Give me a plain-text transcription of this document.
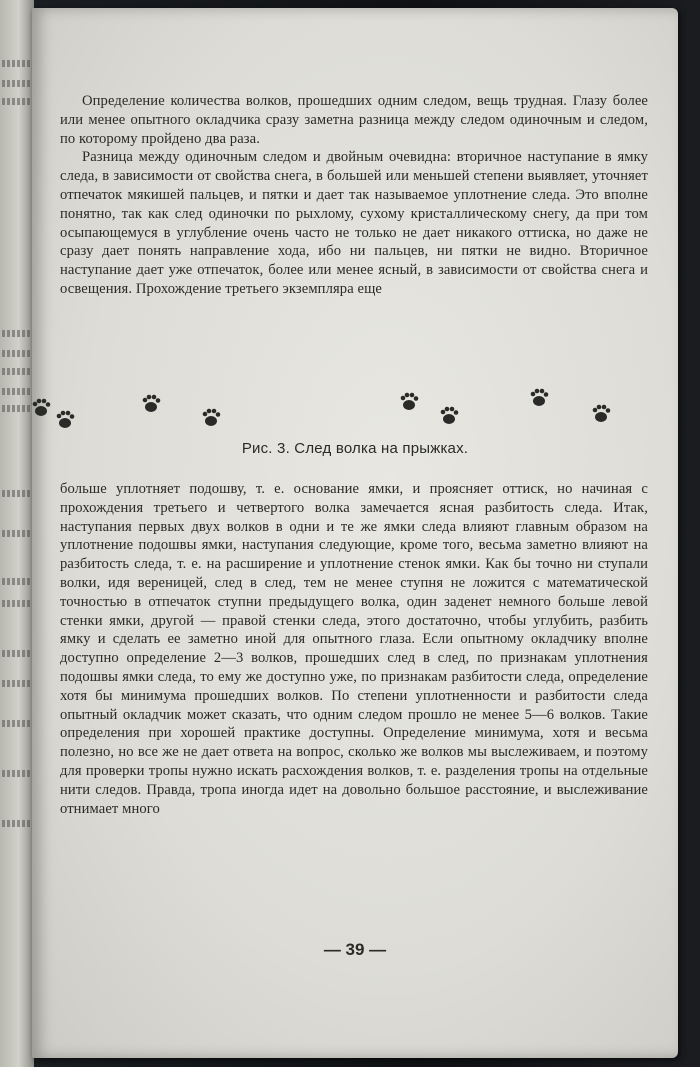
Определение количества волков, прошедших одним следом, вещь трудная. Глазу более или менее опытного окладчика сразу заметна разница между следом одиночным и следом, по которому пройдено два раза.

Разница между одиночным следом и двойным очевидна: вторичное наступание в ямку следа, в зависимости от свойства снега, в большей или меньшей степени выявляет, уточняет отпечаток мякишей пальцев, и пятки и дает так называемое уплотнение следа. Это вполне понятно, так как след одиночки по рыхлому, сухому кристаллическому снегу, да при том осыпающемуся в углубление очень часто не только не дает никакого оттиска, но даже не сразу дает понять направление хода, ибо ни пальцев, ни пятки не видно. Вторичное наступание дает уже отпечаток, более или менее ясный, в зависимости от свойства снега и освещения. Прохождение третьего экземпляра еще

Рис. 3. След волка на прыжках.

больше уплотняет подошву, т. е. основание ямки, и проясняет оттиск, но начиная с прохождения третьего и четвертого волка замечается ясная разбитость следа. Итак, наступания первых двух волков в одни и те же ямки следа влияют главным образом на уплотнение подошвы ямки, наступания следующие, кроме того, весьма заметно влияют на разбитость следа, т. е. на расширение и уплотнение стенок ямки. Как бы точно ни ступали волки, идя вереницей, след в след, тем не менее ступня не ложится с математической точностью в отпечаток ступни предыдущего волка, один заденет немного больше левой стенки ямки, другой — правой стенки следа, этого достаточно, чтобы углубить, разбить ямку и сделать ее заметно иной для опытного глаза. Если опытному окладчику вполне доступно определение 2—3 волков, прошедших след в след, по признакам уплотнения подошвы ямки следа, то ему же доступно уже, по признакам разбитости следа, определение хотя бы минимума прошедших волков. По степени уплотненности и разбитости следа опытный окладчик может сказать, что одним следом прошло не менее 5—6 волков. Такие определения при хорошей практике доступны. Определение минимума, хотя и весьма полезно, но все же не дает ответа на вопрос, сколько же волков мы выслеживаем, и поэтому для проверки тропы нужно искать расхождения волков, т. е. разделения тропы на отдельные нити следов. Правда, тропа иногда идет на довольно большое расстояние, и выслеживание отнимает много

— 39 —
